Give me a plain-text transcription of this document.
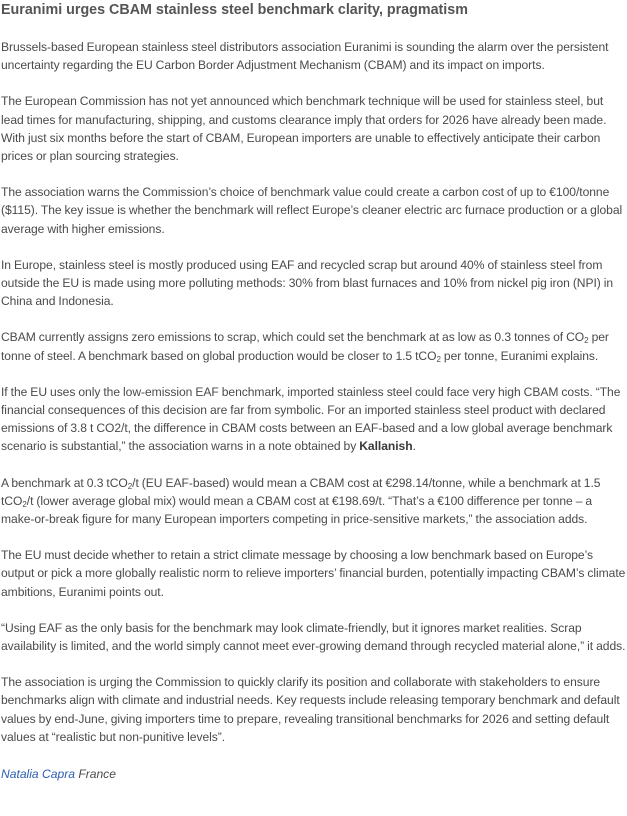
Euranimi urges CBAM stainless steel benchmark clarity, pragmatism

Brussels-based European stainless steel distributors association Euranimi is sounding the alarm over the persistent uncertainty regarding the EU Carbon Border Adjustment Mechanism (CBAM) and its impact on imports.

The European Commission has not yet announced which benchmark technique will be used for stainless steel, but lead times for manufacturing, shipping, and customs clearance imply that orders for 2026 have already been made. With just six months before the start of CBAM, European importers are unable to effectively anticipate their carbon prices or plan sourcing strategies.

The association warns the Commission’s choice of benchmark value could create a carbon cost of up to €100/tonne ($115). The key issue is whether the benchmark will reflect Europe’s cleaner electric arc furnace production or a global average with higher emissions.

In Europe, stainless steel is mostly produced using EAF and recycled scrap but around 40% of stainless steel from outside the EU is made using more polluting methods: 30% from blast furnaces and 10% from nickel pig iron (NPI) in China and Indonesia.

CBAM currently assigns zero emissions to scrap, which could set the benchmark at as low as 0.3 tonnes of $CO_2$ per tonne of steel. A benchmark based on global production would be closer to 1.5 tCO$_2$ per tonne, Euranimi explains.

If the EU uses only the low-emission EAF benchmark, imported stainless steel could face very high CBAM costs. “The financial consequences of this decision are far from symbolic. For an imported stainless steel product with declared emissions of 3.8 t CO2/t, the difference in CBAM costs between an EAF-based and a low global average benchmark scenario is substantial,” the association warns in a note obtained by Kallanish.

A benchmark at 0.3 tCO$_2$/t (EU EAF-based) would mean a CBAM cost at €298.14/tonne, while a benchmark at 1.5 tCO$_2$/t (lower average global mix) would mean a CBAM cost at €198.69/t. “That’s a €100 difference per tonne – a make-or-break figure for many European importers competing in price-sensitive markets,” the association adds.

The EU must decide whether to retain a strict climate message by choosing a low benchmark based on Europe’s output or pick a more globally realistic norm to relieve importers’ financial burden, potentially impacting CBAM’s climate ambitions, Euranimi points out.

“Using EAF as the only basis for the benchmark may look climate-friendly, but it ignores market realities. Scrap availability is limited, and the world simply cannot meet ever-growing demand through recycled material alone,” it adds.

The association is urging the Commission to quickly clarify its position and collaborate with stakeholders to ensure benchmarks align with climate and industrial needs. Key requests include releasing temporary benchmark and default values by end-June, giving importers time to prepare, revealing transitional benchmarks for 2026 and setting default values at “realistic but non-punitive levels”.

Natalia Capra France
